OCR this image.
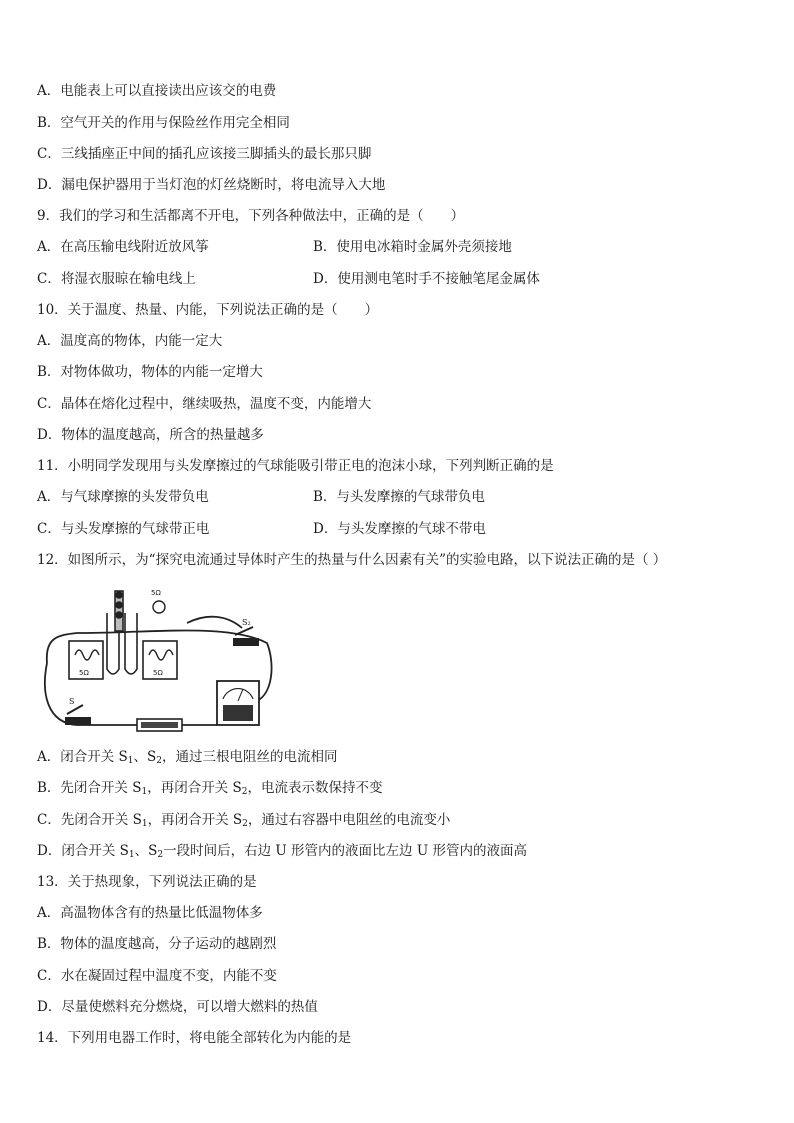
A．电能表上可以直接读出应该交的电费
B．空气开关的作用与保险丝作用完全相同
C．三线插座正中间的插孔应该接三脚插头的最长那只脚
D．漏电保护器用于当灯泡的灯丝烧断时，将电流导入大地
9．我们的学习和生活都离不开电，下列各种做法中，正确的是（　　）
A．在高压输电线附近放风筝	B．使用电冰箱时金属外壳须接地
C．将湿衣服晾在输电线上	D．使用测电笔时手不接触笔尾金属体
10．关于温度、热量、内能，下列说法正确的是（　　）
A．温度高的物体，内能一定大
B．对物体做功，物体的内能一定增大
C．晶体在熔化过程中，继续吸热，温度不变，内能增大
D．物体的温度越高，所含的热量越多
11．小明同学发现用与头发摩擦过的气球能吸引带正电的泡沫小球，下列判断正确的是
A．与气球摩擦的头发带负电	B．与头发摩擦的气球带负电
C．与头发摩擦的气球带正电	D．与头发摩擦的气球不带电
12．如图所示，为“探究电流通过导体时产生的热量与什么因素有关”的实验电路，以下说法正确的是（ ）
5Ω	5Ω
5Ω
S₂
S
A．闭合开关 $S_1$、$S_2$，通过三根电阻丝的电流相同
B．先闭合开关 $S_1$，再闭合开关 $S_2$，电流表示数保持不变
C．先闭合开关 $S_1$，再闭合开关 $S_2$，通过右容器中电阻丝的电流变小
D．闭合开关 $S_1$、$S_2$一段时间后，右边 U 形管内的液面比左边 U 形管内的液面高
13．关于热现象，下列说法正确的是
A．高温物体含有的热量比低温物体多
B．物体的温度越高，分子运动的越剧烈
C．水在凝固过程中温度不变，内能不变
D．尽量使燃料充分燃烧，可以增大燃料的热值
14．下列用电器工作时，将电能全部转化为内能的是
